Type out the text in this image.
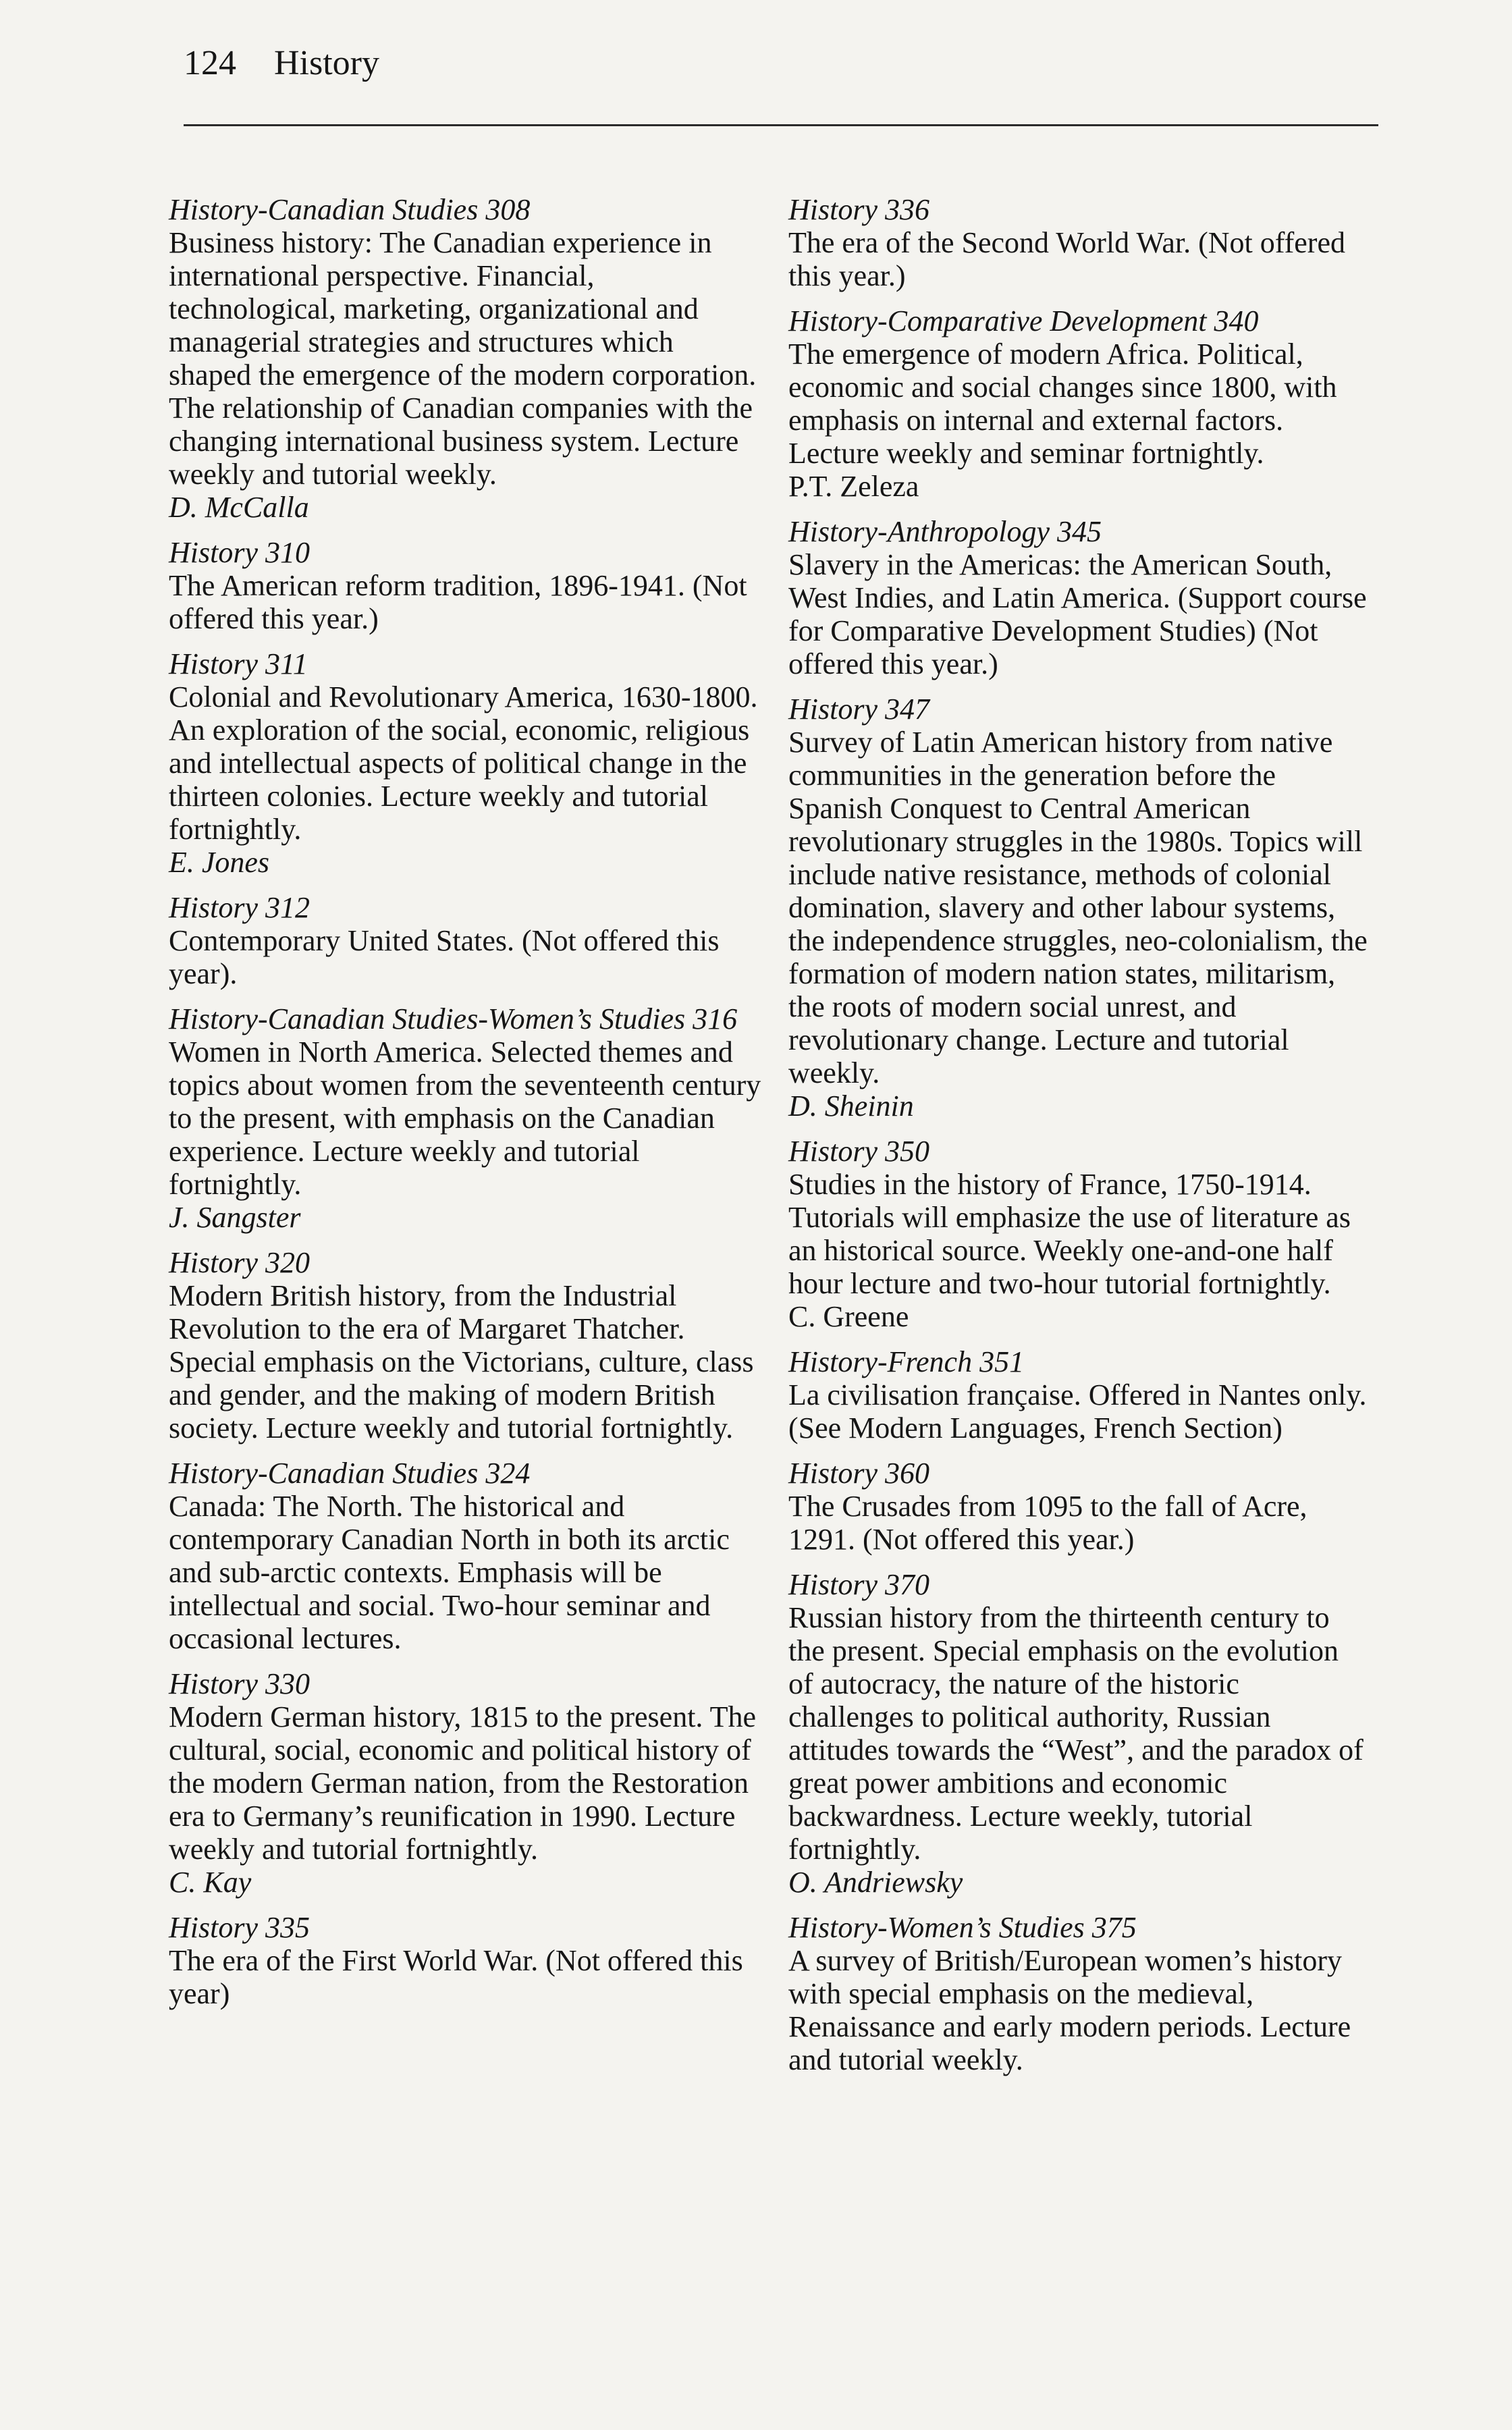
124 History
History-Canadian Studies 308
Business history: The Canadian experience in international perspective. Financial, technological, marketing, organizational and managerial strategies and structures which shaped the emergence of the modern corporation. The relationship of Canadian companies with the changing international business system. Lecture weekly and tutorial weekly.
D. McCalla
History 310
The American reform tradition, 1896-1941. (Not offered this year.)
History 311
Colonial and Revolutionary America, 1630-1800. An exploration of the social, economic, religious and intellectual aspects of political change in the thirteen colonies. Lecture weekly and tutorial fortnightly.
E. Jones
History 312
Contemporary United States. (Not offered this year).
History-Canadian Studies-Women’s Studies 316
Women in North America. Selected themes and topics about women from the seventeenth century to the present, with emphasis on the Canadian experience. Lecture weekly and tutorial fortnightly.
J. Sangster
History 320
Modern British history, from the Industrial Revolution to the era of Margaret Thatcher. Special emphasis on the Victorians, culture, class and gender, and the making of modern British society. Lecture weekly and tutorial fortnightly.
History-Canadian Studies 324
Canada: The North. The historical and contemporary Canadian North in both its arctic and sub-arctic contexts. Emphasis will be intellectual and social. Two-hour seminar and occasional lectures.
History 330
Modern German history, 1815 to the present. The cultural, social, economic and political history of the modern German nation, from the Restoration era to Germany’s reunification in 1990. Lecture weekly and tutorial fortnightly.
C. Kay
History 335
The era of the First World War. (Not offered this year)
History 336
The era of the Second World War. (Not offered this year.)
History-Comparative Development 340
The emergence of modern Africa. Political, economic and social changes since 1800, with emphasis on internal and external factors. Lecture weekly and seminar fortnightly.
P.T. Zeleza
History-Anthropology 345
Slavery in the Americas: the American South, West Indies, and Latin America. (Support course for Comparative Development Studies) (Not offered this year.)
History 347
Survey of Latin American history from native communities in the generation before the Spanish Conquest to Central American revolutionary struggles in the 1980s. Topics will include native resistance, methods of colonial domination, slavery and other labour systems, the independence struggles, neo-colonialism, the formation of modern nation states, militarism, the roots of modern social unrest, and revolutionary change. Lecture and tutorial weekly.
D. Sheinin
History 350
Studies in the history of France, 1750-1914. Tutorials will emphasize the use of literature as an historical source. Weekly one-and-one half hour lecture and two-hour tutorial fortnightly.
C. Greene
History-French 351
La civilisation française. Offered in Nantes only. (See Modern Languages, French Section)
History 360
The Crusades from 1095 to the fall of Acre, 1291. (Not offered this year.)
History 370
Russian history from the thirteenth century to the present. Special emphasis on the evolution of autocracy, the nature of the historic challenges to political authority, Russian attitudes towards the “West”, and the paradox of great power ambitions and economic backwardness. Lecture weekly, tutorial fortnightly.
O. Andriewsky
History-Women’s Studies 375
A survey of British/European women’s history with special emphasis on the medieval, Renaissance and early modern periods. Lecture and tutorial weekly.
